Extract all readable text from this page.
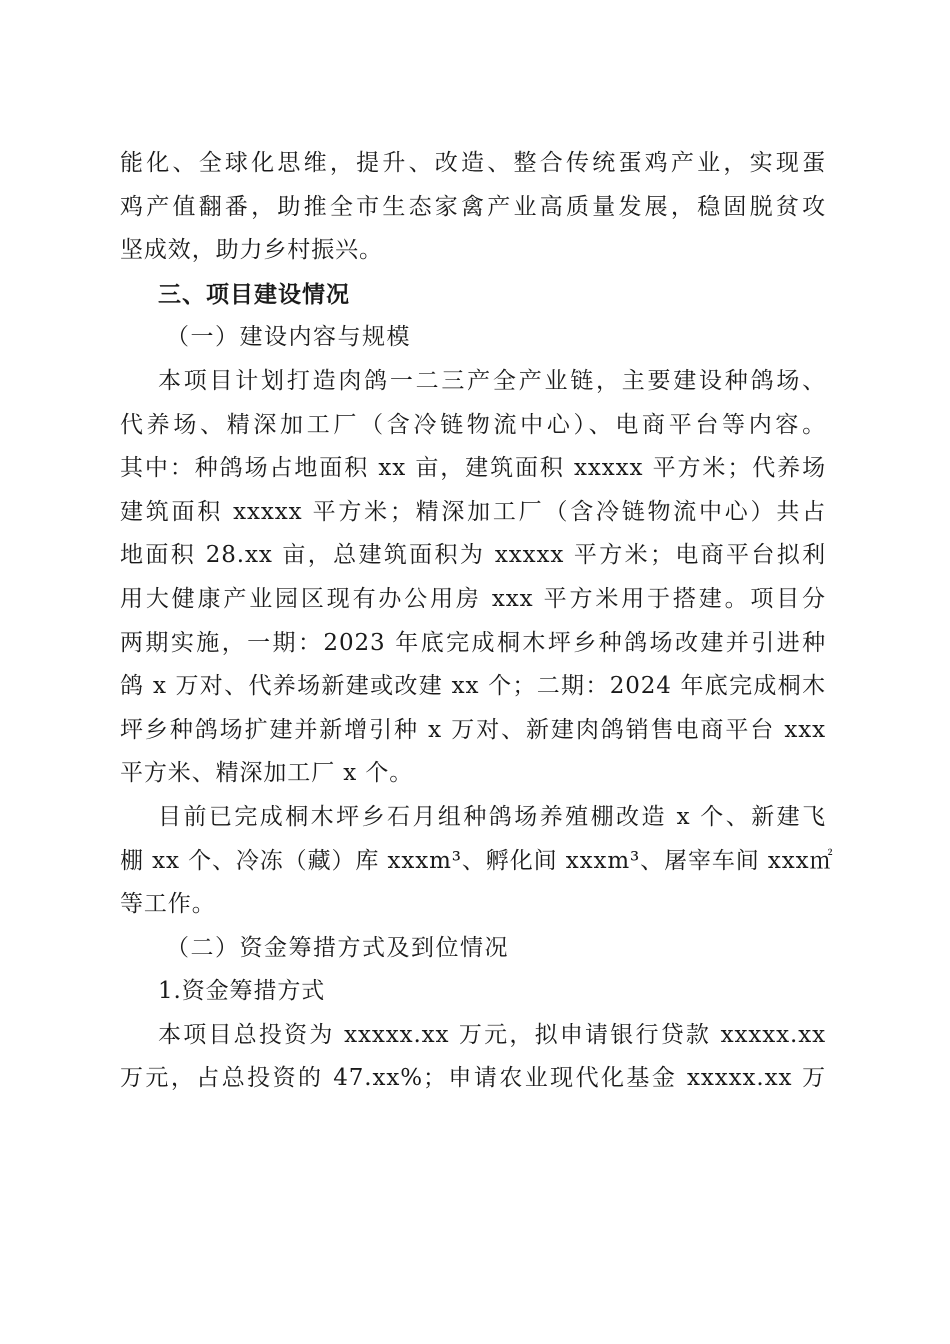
能化、全球化思维，提升、改造、整合传统蛋鸡产业，实现蛋
鸡产值翻番，助推全市生态家禽产业高质量发展，稳固脱贫攻
坚成效，助力乡村振兴。
三、项目建设情况
（一）建设内容与规模
本项目计划打造肉鸽一二三产全产业链，主要建设种鸽场、
代养场、精深加工厂（含冷链物流中心）、电商平台等内容。
其中：种鸽场占地面积 xx 亩，建筑面积 xxxxx 平方米；代养场
建筑面积 xxxxx 平方米；精深加工厂（含冷链物流中心）共占
地面积 28.xx 亩，总建筑面积为 xxxxx 平方米；电商平台拟利
用大健康产业园区现有办公用房 xxx 平方米用于搭建。项目分
两期实施，一期：2023 年底完成桐木坪乡种鸽场改建并引进种
鸽 x 万对、代养场新建或改建 xx 个；二期：2024 年底完成桐木
坪乡种鸽场扩建并新增引种 x 万对、新建肉鸽销售电商平台 xxx
平方米、精深加工厂 x 个。
目前已完成桐木坪乡石月组种鸽场养殖棚改造 x 个、新建飞
棚 xx 个、冷冻（藏）库 xxxm³、孵化间 xxxm³、屠宰车间 xxx㎡
等工作。
（二）资金筹措方式及到位情况
1.资金筹措方式
本项目总投资为 xxxxx.xx 万元，拟申请银行贷款 xxxxx.xx
万元，占总投资的 47.xx%；申请农业现代化基金 xxxxx.xx 万
